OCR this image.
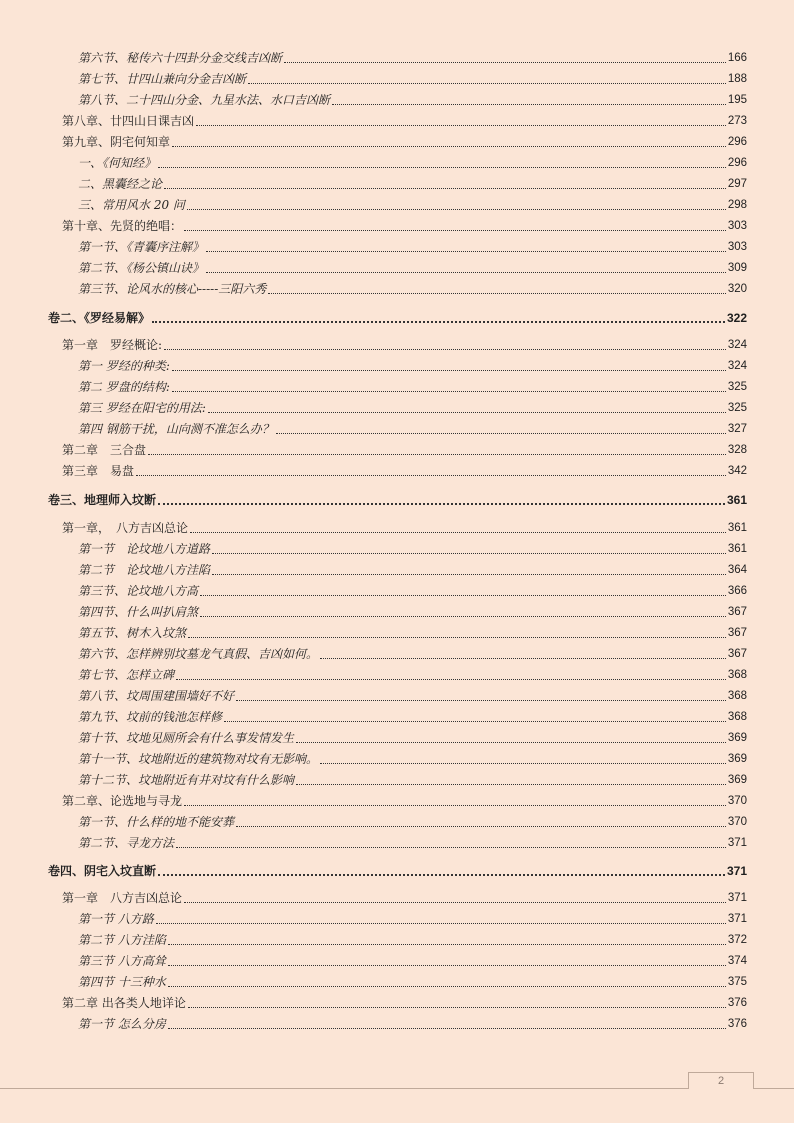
第六节、秘传六十四卦分金交线吉凶断	166
第七节、廿四山兼向分金吉凶断	188
第八节、二十四山分金、九星水法、水口吉凶断	195
第八章、廿四山日课吉凶	273
第九章、阴宅何知章	296
一、《何知经》	296
二、黑囊经之论	297
三、常用风水 20 问	298
第十章、先贤的绝唱：	303
第一节、《青囊序注解》	303
第二节、《杨公镇山诀》	309
第三节、论风水的核心-----三阳六秀	320
卷二、《罗经易解》	322
第一章　罗经概论:	324
第一 罗经的种类:	324
第二 罗盘的结构:	325
第三 罗经在阳宅的用法:	325
第四 钢筋干扰，山向测不准怎么办？	327
第二章　三合盘	328
第三章　易盘	342
卷三、地理师入坟断	361
第一章，　八方吉凶总论	361
第一节　论坟地八方道路	361
第二节　论坟地八方洼陷	364
第三节、论坟地八方高	366
第四节、什么叫扒肩煞	367
第五节、树木入坟煞	367
第六节、怎样辨别坟墓龙气真假、吉凶如何。	367
第七节、怎样立碑	368
第八节、坟周围建围墙好不好	368
第九节、坟前的钱池怎样修	368
第十节、坟地见厕所会有什么事发情发生	369
第十一节、坟地附近的建筑物对坟有无影响。	369
第十二节、坟地附近有井对坟有什么影响	369
第二章、论选地与寻龙	370
第一节、什么样的地不能安葬	370
第二节、寻龙方法	371
卷四、阴宅入坟直断	371
第一章　八方吉凶总论	371
第一节 八方路	371
第二节 八方洼陷	372
第三节 八方高耸	374
第四节 十三种水	375
第二章 出各类人地详论	376
第一节 怎么分房	376
2
